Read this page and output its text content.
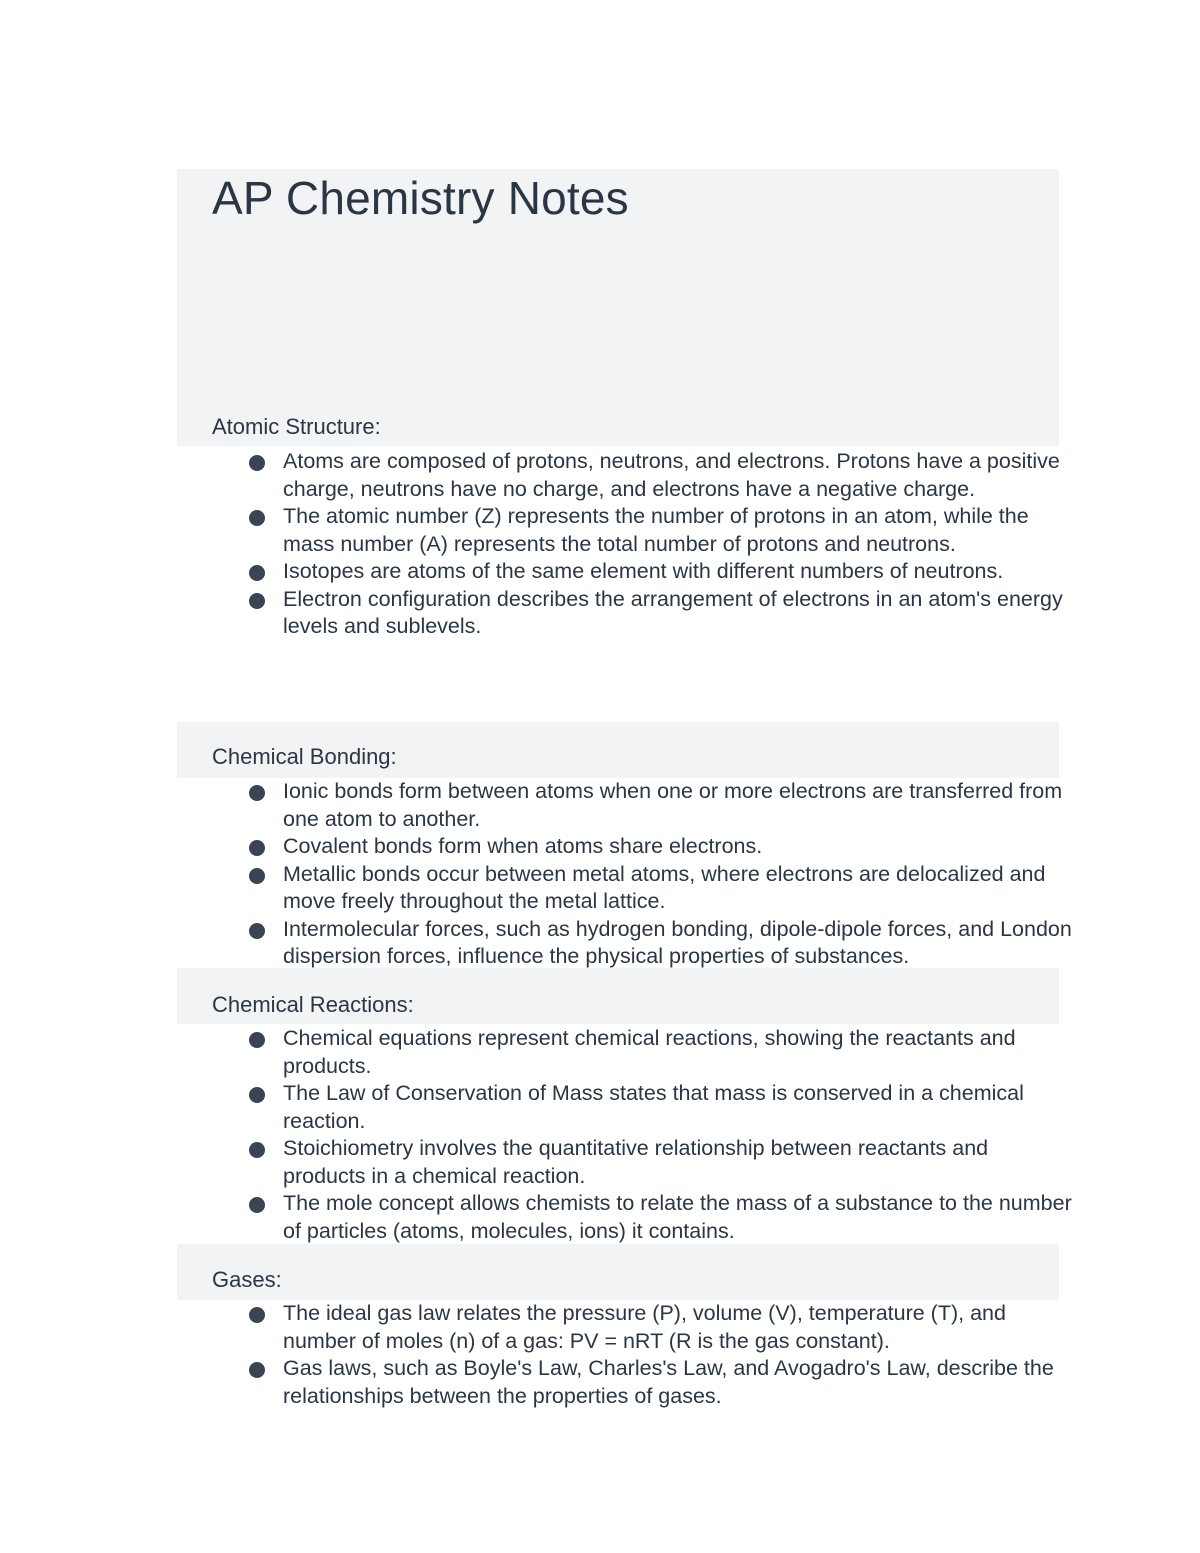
AP Chemistry Notes
Atomic Structure:
Atoms are composed of protons, neutrons, and electrons. Protons have a positive charge, neutrons have no charge, and electrons have a negative charge.
The atomic number (Z) represents the number of protons in an atom, while the mass number (A) represents the total number of protons and neutrons.
Isotopes are atoms of the same element with different numbers of neutrons.
Electron configuration describes the arrangement of electrons in an atom's energy levels and sublevels.
Chemical Bonding:
Ionic bonds form between atoms when one or more electrons are transferred from one atom to another.
Covalent bonds form when atoms share electrons.
Metallic bonds occur between metal atoms, where electrons are delocalized and move freely throughout the metal lattice.
Intermolecular forces, such as hydrogen bonding, dipole-dipole forces, and London dispersion forces, influence the physical properties of substances.
Chemical Reactions:
Chemical equations represent chemical reactions, showing the reactants and products.
The Law of Conservation of Mass states that mass is conserved in a chemical reaction.
Stoichiometry involves the quantitative relationship between reactants and products in a chemical reaction.
The mole concept allows chemists to relate the mass of a substance to the number of particles (atoms, molecules, ions) it contains.
Gases:
The ideal gas law relates the pressure (P), volume (V), temperature (T), and number of moles (n) of a gas: PV = nRT (R is the gas constant).
Gas laws, such as Boyle's Law, Charles's Law, and Avogadro's Law, describe the relationships between the properties of gases.
